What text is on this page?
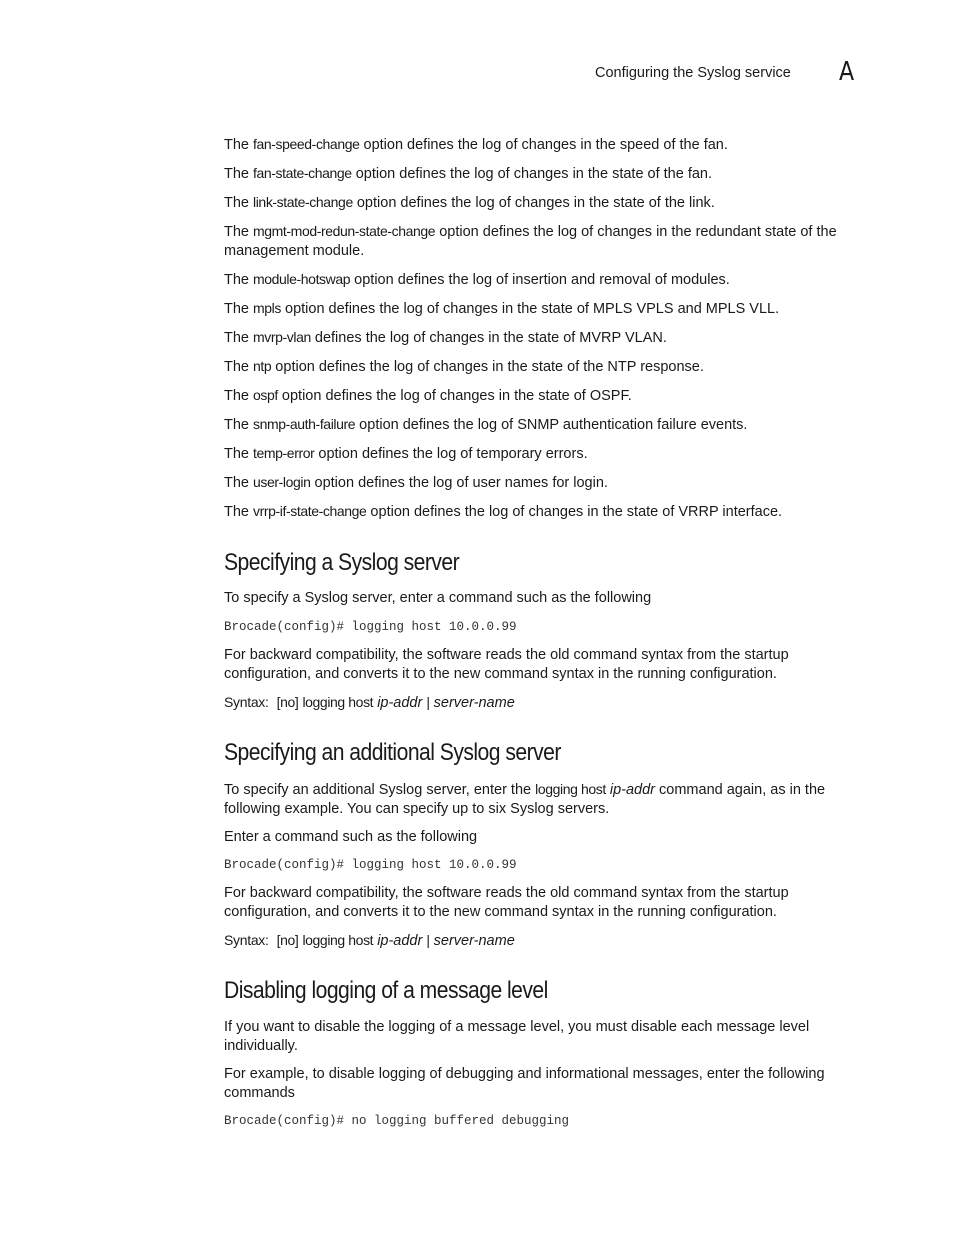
Configuring the Syslog service A

The fan-speed-change option defines the log of changes in the speed of the fan.

The fan-state-change option defines the log of changes in the state of the fan.

The link-state-change option defines the log of changes in the state of the link.

The mgmt-mod-redun-state-change option defines the log of changes in the redundant state of the management module.

The module-hotswap option defines the log of insertion and removal of modules.

The mpls option defines the log of changes in the state of MPLS VPLS and MPLS VLL.

The mvrp-vlan defines the log of changes in the state of MVRP VLAN.

The ntp option defines the log of changes in the state of the NTP response.

The ospf option defines the log of changes in the state of OSPF.

The snmp-auth-failure option defines the log of SNMP authentication failure events.

The temp-error option defines the log of temporary errors.

The user-login option defines the log of user names for login.

The vrrp-if-state-change option defines the log of changes in the state of VRRP interface.

Specifying a Syslog server

To specify a Syslog server, enter a command such as the following

Brocade(config)# logging host 10.0.0.99

For backward compatibility, the software reads the old command syntax from the startup configuration, and converts it to the new command syntax in the running configuration.

Syntax: [no] logging host ip-addr | server-name

Specifying an additional Syslog server

To specify an additional Syslog server, enter the logging host ip-addr command again, as in the following example. You can specify up to six Syslog servers.

Enter a command such as the following

Brocade(config)# logging host 10.0.0.99

For backward compatibility, the software reads the old command syntax from the startup configuration, and converts it to the new command syntax in the running configuration.

Syntax: [no] logging host ip-addr | server-name

Disabling logging of a message level

If you want to disable the logging of a message level, you must disable each message level individually.

For example, to disable logging of debugging and informational messages, enter the following commands

Brocade(config)# no logging buffered debugging
